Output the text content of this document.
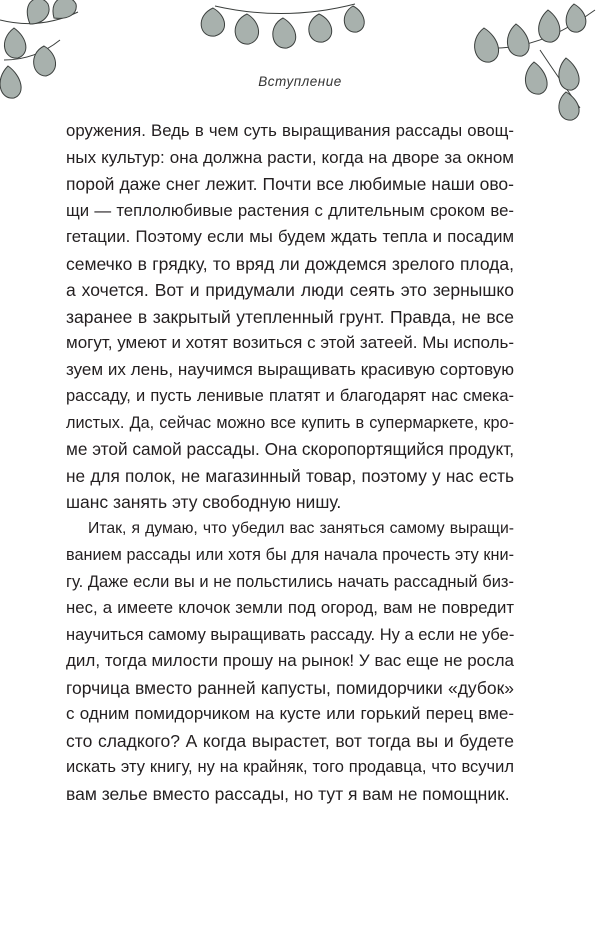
Вступление

оружения. Ведь в чем суть выращивания рассады овощ-
ных культур: она должна расти, когда на дворе за окном
порой даже снег лежит. Почти все любимые наши ово-
щи — теплолюбивые растения с длительным сроком ве-
гетации. Поэтому если мы будем ждать тепла и посадим
семечко в грядку, то вряд ли дождемся зрелого плода,
а хочется. Вот и придумали люди сеять это зернышко
заранее в закрытый утепленный грунт. Правда, не все
могут, умеют и хотят возиться с этой затеей. Мы исполь-
зуем их лень, научимся выращивать красивую сортовую
рассаду, и пусть ленивые платят и благодарят нас смека-
листых. Да, сейчас можно все купить в супермаркете, кро-
ме этой самой рассады. Она скоропортящийся продукт,
не для полок, не магазинный товар, поэтому у нас есть
шанс занять эту свободную нишу.

Итак, я думаю, что убедил вас заняться самому выращи-
ванием рассады или хотя бы для начала прочесть эту кни-
гу. Даже если вы и не польстились начать рассадный биз-
нес, а имеете клочок земли под огород, вам не повредит
научиться самому выращивать рассаду. Ну а если не убе-
дил, тогда милости прошу на рынок! У вас еще не росла
горчица вместо ранней капусты, помидорчики «дубок»
с одним помидорчиком на кусте или горький перец вме-
сто сладкого? А когда вырастет, вот тогда вы и будете
искать эту книгу, ну на крайняк, того продавца, что всучил
вам зелье вместо рассады, но тут я вам не помощник.
